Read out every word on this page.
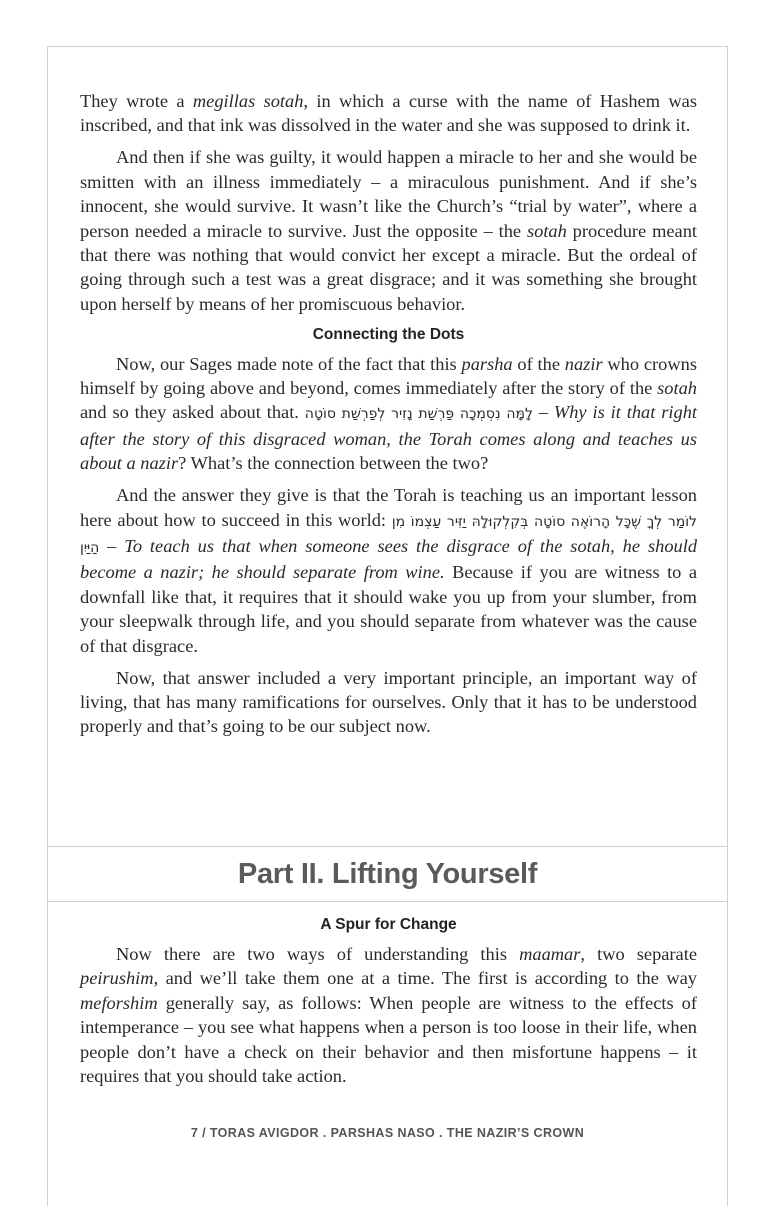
They wrote a megillas sotah, in which a curse with the name of Hashem was inscribed, and that ink was dissolved in the water and she was supposed to drink it.

And then if she was guilty, it would happen a miracle to her and she would be smitten with an illness immediately – a miraculous punishment. And if she’s innocent, she would survive. It wasn’t like the Church’s “trial by water”, where a person needed a miracle to survive. Just the opposite – the sotah procedure meant that there was nothing that would convict her except a miracle. But the ordeal of going through such a test was a great disgrace; and it was something she brought upon herself by means of her promiscuous behavior.

Connecting the Dots

Now, our Sages made note of the fact that this parsha of the nazir who crowns himself by going above and beyond, comes immediately after the story of the sotah and so they asked about that. לָמָּה נִסְמְכָה פַּרְשַׁת נָזִיר לְפַרְשַׁת סוֹטָה – Why is it that right after the story of this disgraced woman, the Torah comes along and teaches us about a nazir? What’s the connection between the two?

And the answer they give is that the Torah is teaching us an important lesson here about how to succeed in this world: לוֹמַר לְךָ שֶׁכָּל הָרוֹאֶה סוֹטָה בְּקִלְקוּלָהּ יַזִּיר עַצְמוֹ מִן הַיַּיִן – To teach us that when someone sees the disgrace of the sotah, he should become a nazir; he should separate from wine. Because if you are witness to a downfall like that, it requires that it should wake you up from your slumber, from your sleepwalk through life, and you should separate from whatever was the cause of that disgrace.

Now, that answer included a very important principle, an important way of living, that has many ramifications for ourselves. Only that it has to be understood properly and that’s going to be our subject now.

Part II. Lifting Yourself
A Spur for Change

Now there are two ways of understanding this maamar, two separate peirushim, and we’ll take them one at a time. The first is according to the way meforshim generally say, as follows: When people are witness to the effects of intemperance – you see what happens when a person is too loose in their life, when people don’t have a check on their behavior and then misfortune happens – it requires that you should take action.

7 / TORAS AVIGDOR . PARSHAS NASO . THE NAZIR’S CROWN
